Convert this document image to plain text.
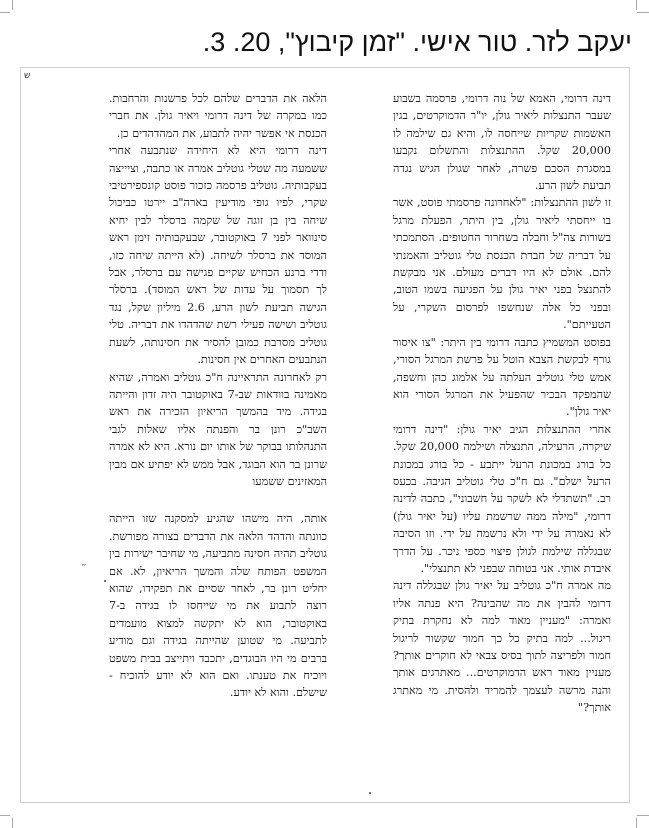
יעקב לזר. טור אישי. "זמן קיבוץ", 20. 3.
ש

דינה דרומי, האמא של נוה דרומי, פרסמה בשבוע שעבר התנצלות ליאיר גולן, יו"ר הדמוקרטים, בגין האשמות שקריות שייחסה לו, והיא גם שילמה לו 20,000 שקל. ההתנצלות והתשלום נקבעו במסגרת הסכם פשרה, לאחר שגולן הגיש נגדה תביעת לשון הרע.

זו לשון ההתנצלות: "לאחרונה פרסמתי פוסט, אשר בו ייחסתי ליאיר גולן, בין היתר, הפעלת מרגל בשורות צה"ל וחבלה בשחרור החטופים. הסתמכתי על דבריה של חברת הכנסת טלי גוטליב והאמנתי להם. אולם לא היו דברים מעולם. אני מבקשת להתנצל בפני יאיר גולן על הפגיעה בשמו הטוב, ובפני כל אלה שנחשפו לפרסום השקרי, על הטעייתם".

בפוסט המשמיץ כתבה דרומי בין היתר: "צו איסור גורף לבקשת הצבא הוטל על פרשת המרגל הסורי, אמש טלי גוטליב העלתה על אלמוג כהן וחשפה, שהמפקד הבכיר שהפעיל את המרגל הסורי הוא יאיר גולן".

אחרי ההתנצלות הגיב יאיר גולן: "דינה דרומי שיקרה, הרעילה, התנצלה ושילמה 20,000 שקל. כל בורג במכונת הרעל ייתבע - כל בורג במכונת הרעל ישלם". גם ח"כ טלי גוטליב הגיבה. בכעס רב. "תשתדלי לא לשקר על חשבוני", כתבה לדינה דרומי, "מילה ממה שרשמת עליו (על יאיר גולן) לא נאמרה על ידי ולא נרשמה על ידי. וזו הסיבה שבגללה שילמת לגולן פיצוי כספי ניכר. על הדרך איבדת אותי. אני בטוחה שבפני לא תתנצלי".

מה אמרה ח"כ גוטליב על יאיר גולן שבגללה דינה דרומי להבין את מה שהבינה? היא פנתה אליו ואמרה: "מעניין מאוד למה לא נחקרת בתיק ריגול... למה בתיק כל כך חמור שקשור לריגול חמור ולפריצה לתוך בסיס צבאי לא חוקרים אותך? מעניין מאוד ראש הדמוקרטים... מאתרגים אותך והנה מרשה לעצמך להמריד ולהסית. מי מאתרג אותך?"

הלאה את הדברים שלהם לכל פרשנות והרחבות. כמו במקרה של דינה דרומי ויאיר גולן. את חברי הכנסת אי אפשר יהיה לתבוע, את המהדהדים כן.

דינה דרומי היא לא היחידה שנתבעה אחרי ששמעה מה שטלי גוטליב אמרה או כתבה, וציייצה בעקבותיה. גוטליב פרסמה כזכור פוסט קונספירטיבי שקרי, לפיו גופי מודיעין בארה"ב יירטו כביכול שיחה בין בן זוגה של שקמה ברסלר לבין יחיא סינוואר לפני 7 באוקטובר, שבעקבותיה זימן ראש המוסד את ברסלר לשיחה. (לא הייתה שיחה כזו, ודדי ברנע הכחיש שקיים פגישה עם ברסלר, אבל לך תסמוך על עדות של ראש המוסד). ברסלר הגישה תביעת לשון הרע, 2.6 מיליון שקל, נגד גוטליב ושישה פעילי רשת שהדהדו את דבריה. טלי גוטליב מסרבת כמובן להסיר את חסינותה, לשעת הנתבעים האחרים אין חסינות.

רק לאחרונה התראיינה ח"כ גוטליב ואמרה, שהיא מאמינה בוודאות שב-7 באוקטובר היה זדון והייתה בגידה. מיד בהמשך הריאיון הזכירה את ראש השב"כ רונן בר והפנתה אליו שאלות לגבי התנהלותו בבוקר של אותו יום נורא. היא לא אמרה שרונן בר הוא הבוגד, אבל ממש לא יפתיע אם מבין המאזינים ששמעו

אותה, היה מישהו שהגיע למסקנה שזו הייתה כוונתה והדהד הלאה את הדברים בצורה מפורשת. גוטליב תהיה חסינה מתביעה, מי שחיבר ישירות בין המשפט הפותח שלה והמשך הריאיון, לא. אם יחליט רונן בר, לאחר שסיים את תפקידו, שהוא רוצה לתבוע את מי שייחסו לו בגידה ב-7 באוקטובר, הוא לא יתקשה למצוא מועמדים לתביעה. מי שטוען שהייתה בגידה וגם מודיע ברבים מי היו הבוגדים, יתכבד ויתייצב בבית משפט ויוכיח את טענתו. ואם הוא לא יודע להוכיח - שישלם. והוא לא יודע.

״
